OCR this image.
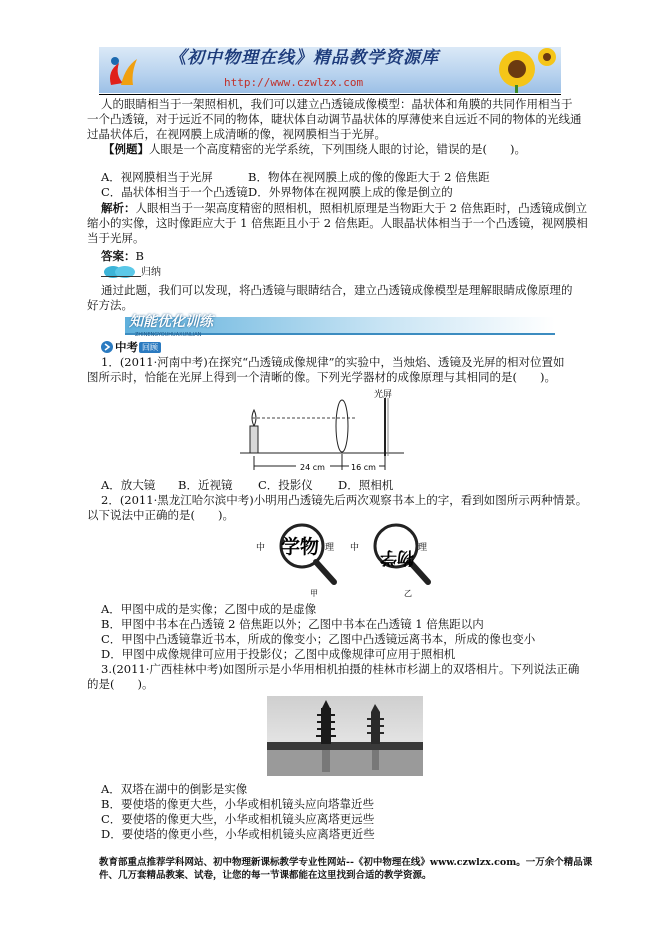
《初中物理在线》精品教学资源库
http://www.czwlzx.com
人的眼睛相当于一架照相机，我们可以建立凸透镜成像模型：晶状体和角膜的共同作用相当于
一个凸透镜，对于远近不同的物体，睫状体自动调节晶状体的厚薄使来自远近不同的物体的光线通
过晶状体后，在视网膜上成清晰的像，视网膜相当于光屏。
【例题】人眼是一个高度精密的光学系统，下列围绕人眼的讨论，错误的是(　　)。
A．视网膜相当于光屏	B．物体在视网膜上成的像的像距大于 2 倍焦距
C．晶状体相当于一个凸透镜 D．外界物体在视网膜上成的像是倒立的
解析：人眼相当于一架高度精密的照相机，照相机原理是当物距大于 2 倍焦距时，凸透镜成倒立
缩小的实像，这时像距应大于 1 倍焦距且小于 2 倍焦距。人眼晶状体相当于一个凸透镜，视网膜相
当于光屏。
答案：B
归纳
通过此题，我们可以发现，将凸透镜与眼睛结合，建立凸透镜成像模型是理解眼睛成像原理的
好方法。
知能优化训练
ZHINENGYOUHUAXUNLIAN
中考 回顾
1．(2011·河南中考)在探究“凸透镜成像规律”的实验中，当烛焰、透镜及光屏的相对位置如
图所示时，恰能在光屏上得到一个清晰的像。下列光学器材的成像原理与其相同的是(　　)。
光屏
24 cm	16 cm
A．放大镜	B．近视镜	C．投影仪	D．照相机
2．(2011·黑龙江哈尔滨中考)小明用凸透镜先后两次观察书本上的字，看到如图所示两种情景。
以下说法中正确的是(　　)。
中 学物 理 中 物学 理
甲	乙
A．甲图中成的是实像；乙图中成的是虚像
B．甲图中书本在凸透镜 2 倍焦距以外；乙图中书本在凸透镜 1 倍焦距以内
C．甲图中凸透镜靠近书本，所成的像变小；乙图中凸透镜远离书本，所成的像也变小
D．甲图中成像规律可应用于投影仪；乙图中成像规律可应用于照相机
3.(2011·广西桂林中考)如图所示是小华用相机拍摄的桂林市杉湖上的双塔相片。下列说法正确
的是(　　)。
A．双塔在湖中的倒影是实像
B．要使塔的像更大些，小华或相机镜头应向塔靠近些
C．要使塔的像更大些，小华或相机镜头应离塔更远些
D．要使塔的像更小些，小华或相机镜头应离塔更近些
教育部重点推荐学科网站、初中物理新课标教学专业性网站--《初中物理在线》www.czwlzx.com。一万余个精品课
件、几万套精品教案、试卷，让您的每一节课都能在这里找到合适的教学资源。
